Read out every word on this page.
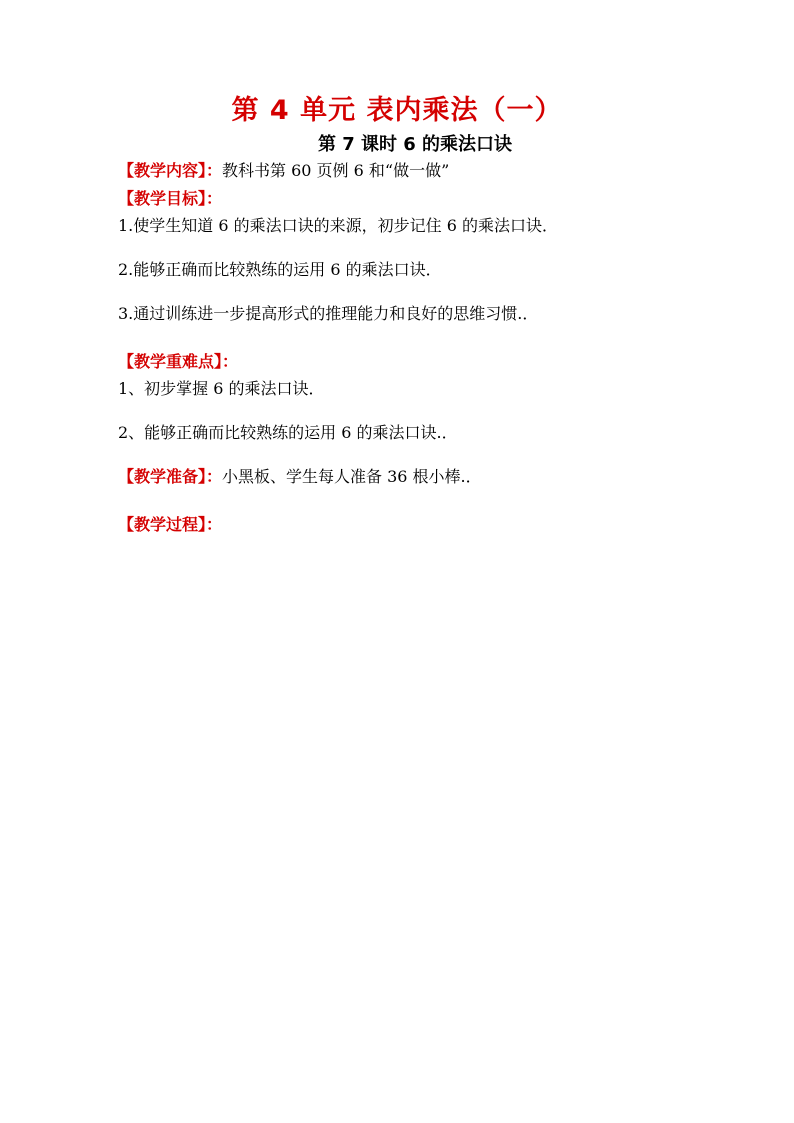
第 4 单元 表内乘法（一）
第 7 课时 6 的乘法口诀
【教学内容】：教科书第 60 页例 6 和“做一做”
【教学目标】：
1.使学生知道 6 的乘法口诀的来源，初步记住 6 的乘法口诀．
2.能够正确而比较熟练的运用 6 的乘法口诀．
3.通过训练进一步提高形式的推理能力和良好的思维习惯.．
【教学重难点】：
1、初步掌握 6 的乘法口诀．
2、能够正确而比较熟练的运用 6 的乘法口诀.．
【教学准备】：小黑板、学生每人准备 36 根小棒.．
【教学过程】：
